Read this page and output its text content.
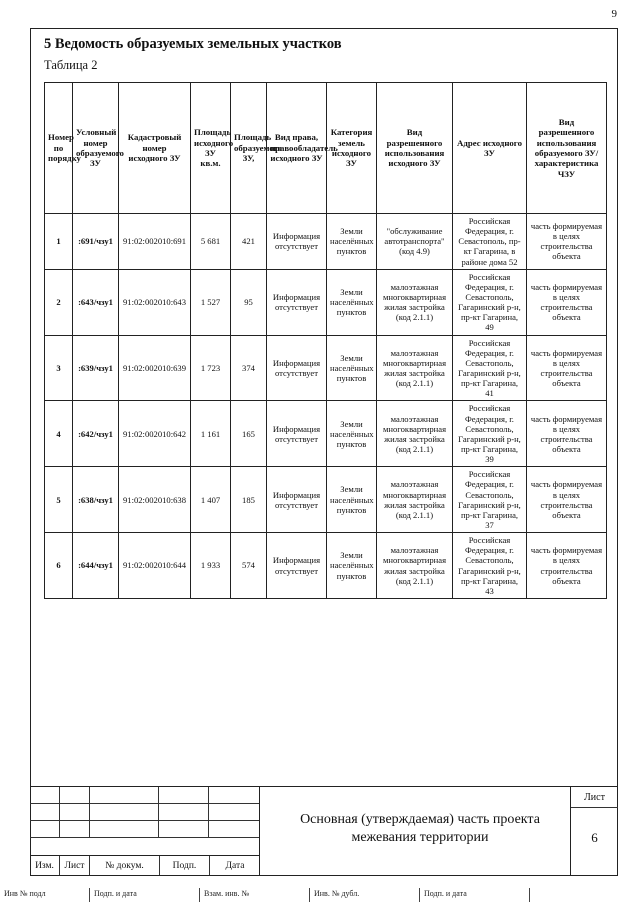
9
5 Ведомость образуемых земельных участков
Таблица 2
Номер по порядку	Условный номер образуемого ЗУ	Кадастровый номер исходного ЗУ	Площадь исходного ЗУ кв.м.	Площадь образуемого ЗУ,	Вид права, правообладатель исходного ЗУ	Категория земель исходного ЗУ	Вид разрешенного использования исходного ЗУ	Адрес исходного ЗУ	Вид разрешенного использования образуемого ЗУ/характеристика ЧЗУ
1	:691/чзу1	91:02:002010:691	5 681	421	Информация отсутствует	Земли населённых пунктов	"обслуживание автотранспорта" (код 4.9)	Российская Федерация, г. Севастополь, пр-кт Гагарина, в районе дома 52	часть формируемая в целях строительства объекта
2	:643/чзу1	91:02:002010:643	1 527	95	Информация отсутствует	Земли населённых пунктов	малоэтажная многоквартирная жилая застройка (код 2.1.1)	Российская Федерация, г. Севастополь, Гагаринский р-н, пр-кт Гагарина, 49	часть формируемая в целях строительства объекта
3	:639/чзу1	91:02:002010:639	1 723	374	Информация отсутствует	Земли населённых пунктов	малоэтажная многоквартирная жилая застройка (код 2.1.1)	Российская Федерация, г. Севастополь, Гагаринский р-н, пр-кт Гагарина, 41	часть формируемая в целях строительства объекта
4	:642/чзу1	91:02:002010:642	1 161	165	Информация отсутствует	Земли населённых пунктов	малоэтажная многоквартирная жилая застройка (код 2.1.1)	Российская Федерация, г. Севастополь, Гагаринский р-н, пр-кт Гагарина, 39	часть формируемая в целях строительства объекта
5	:638/чзу1	91:02:002010:638	1 407	185	Информация отсутствует	Земли населённых пунктов	малоэтажная многоквартирная жилая застройка (код 2.1.1)	Российская Федерация, г. Севастополь, Гагаринский р-н, пр-кт Гагарина, 37	часть формируемая в целях строительства объекта
6	:644/чзу1	91:02:002010:644	1 933	574	Информация отсутствует	Земли населённых пунктов	малоэтажная многоквартирная жилая застройка (код 2.1.1)	Российская Федерация, г. Севастополь, Гагаринский р-н, пр-кт Гагарина, 43	часть формируемая в целях строительства объекта
Изм.	Лист	№ докум.	Подп.	Дата
Основная (утверждаемая) часть проекта межевания территории
Лист
6
Инв № подл	Подп. и дата	Взам. инв. №	Инв. № дубл.	Подп. и дата
